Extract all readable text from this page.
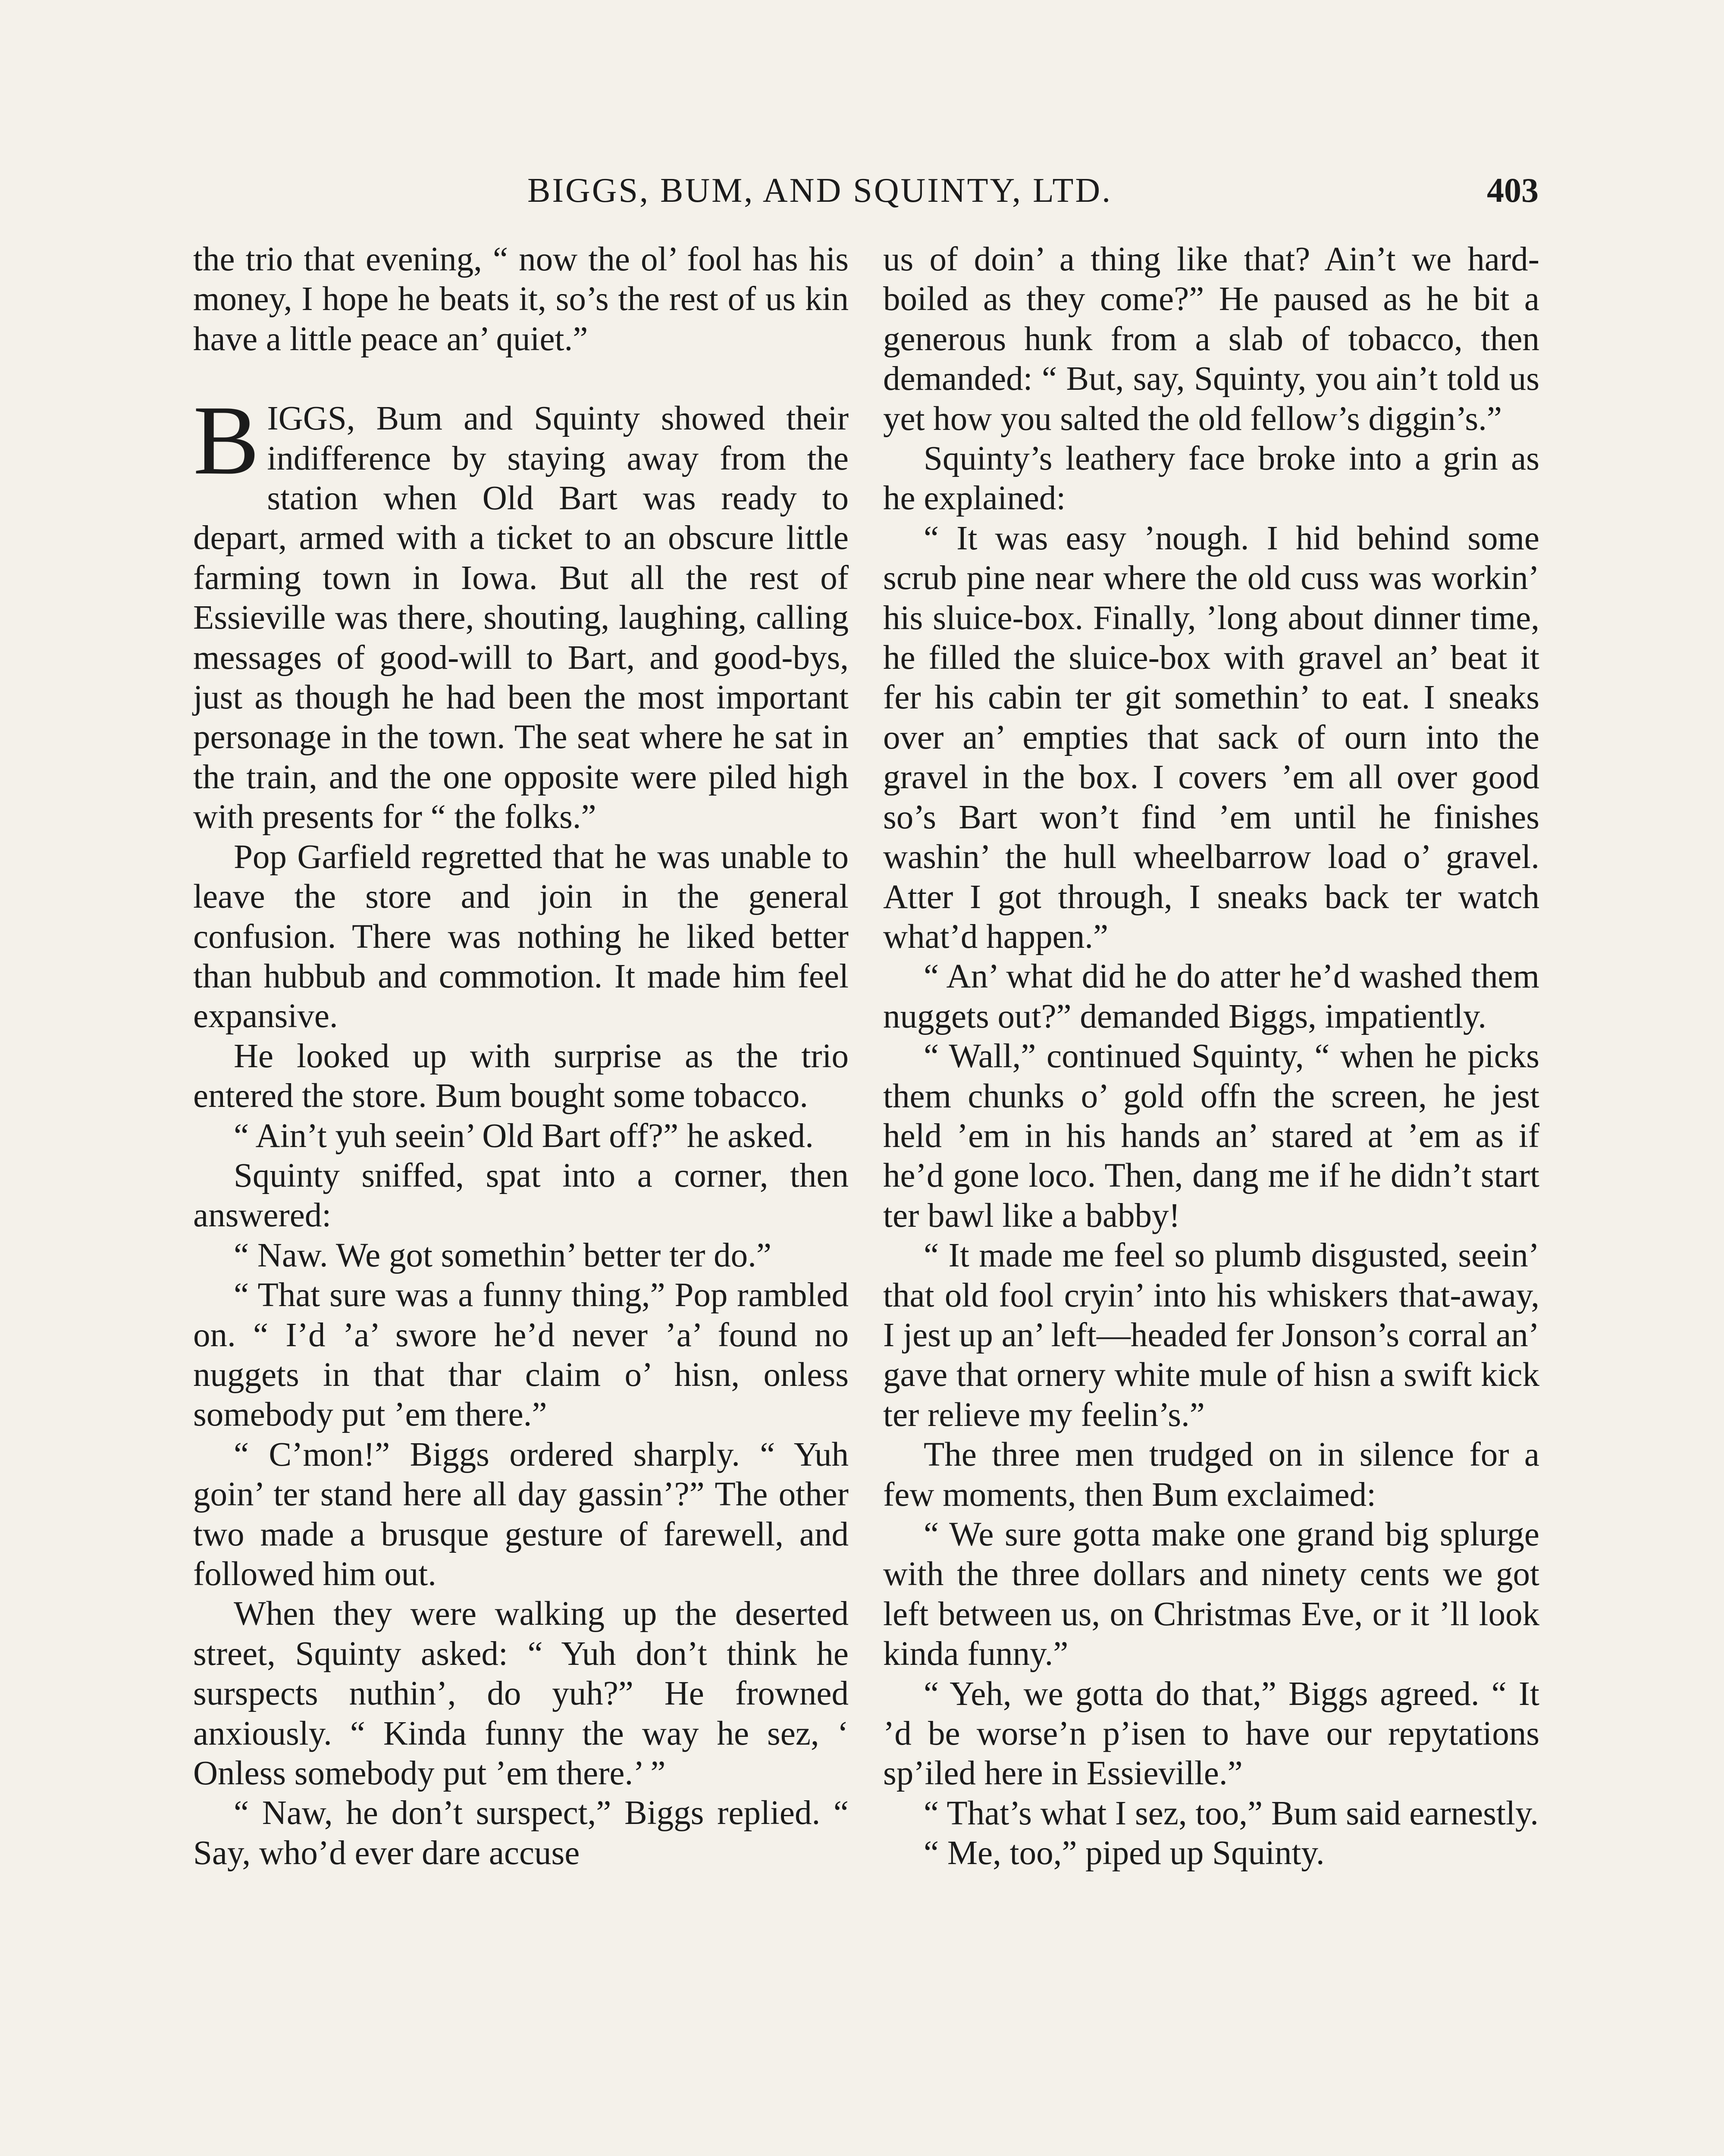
BIGGS, BUM, AND SQUINTY, LTD.	403

the trio that evening, “ now the ol’ fool has his money, I hope he beats it, so’s the rest of us kin have a little peace an’ quiet.”

BIGGS, Bum and Squinty showed their indifference by staying away from the station when Old Bart was ready to depart, armed with a ticket to an obscure little farming town in Iowa. But all the rest of Essieville was there, shouting, laughing, calling messages of good-will to Bart, and good-bys, just as though he had been the most important personage in the town. The seat where he sat in the train, and the one opposite were piled high with presents for “ the folks.”

Pop Garfield regretted that he was unable to leave the store and join in the general confusion. There was nothing he liked better than hubbub and commotion. It made him feel expansive.

He looked up with surprise as the trio entered the store. Bum bought some tobacco.

“ Ain’t yuh seein’ Old Bart off?” he asked.

Squinty sniffed, spat into a corner, then answered:

“ Naw. We got somethin’ better ter do.”

“ That sure was a funny thing,” Pop rambled on. “ I’d ’a’ swore he’d never ’a’ found no nuggets in that thar claim o’ hisn, onless somebody put ’em there.”

“ C’mon!” Biggs ordered sharply. “ Yuh goin’ ter stand here all day gassin’?” The other two made a brusque gesture of farewell, and followed him out.

When they were walking up the deserted street, Squinty asked: “ Yuh don’t think he surspects nuthin’, do yuh?” He frowned anxiously. “ Kinda funny the way he sez, ‘ Onless somebody put ’em there.’ ”

“ Naw, he don’t surspect,” Biggs replied. “ Say, who’d ever dare accuse

us of doin’ a thing like that? Ain’t we hard-boiled as they come?” He paused as he bit a generous hunk from a slab of tobacco, then demanded: “ But, say, Squinty, you ain’t told us yet how you salted the old fellow’s diggin’s.”

Squinty’s leathery face broke into a grin as he explained:

“ It was easy ’nough. I hid behind some scrub pine near where the old cuss was workin’ his sluice-box. Finally, ’long about dinner time, he filled the sluice-box with gravel an’ beat it fer his cabin ter git somethin’ to eat. I sneaks over an’ empties that sack of ourn into the gravel in the box. I covers ’em all over good so’s Bart won’t find ’em until he finishes washin’ the hull wheelbarrow load o’ gravel. Atter I got through, I sneaks back ter watch what’d happen.”

“ An’ what did he do atter he’d washed them nuggets out?” demanded Biggs, impatiently.

“ Wall,” continued Squinty, “ when he picks them chunks o’ gold offn the screen, he jest held ’em in his hands an’ stared at ’em as if he’d gone loco. Then, dang me if he didn’t start ter bawl like a babby!

“ It made me feel so plumb disgusted, seein’ that old fool cryin’ into his whiskers that-away, I jest up an’ left—headed fer Jonson’s corral an’ gave that ornery white mule of hisn a swift kick ter relieve my feelin’s.”

The three men trudged on in silence for a few moments, then Bum exclaimed:

“ We sure gotta make one grand big splurge with the three dollars and ninety cents we got left between us, on Christmas Eve, or it ’ll look kinda funny.”

“ Yeh, we gotta do that,” Biggs agreed. “ It ’d be worse’n p’isen to have our repytations sp’iled here in Essieville.”

“ That’s what I sez, too,” Bum said earnestly.

“ Me, too,” piped up Squinty.
